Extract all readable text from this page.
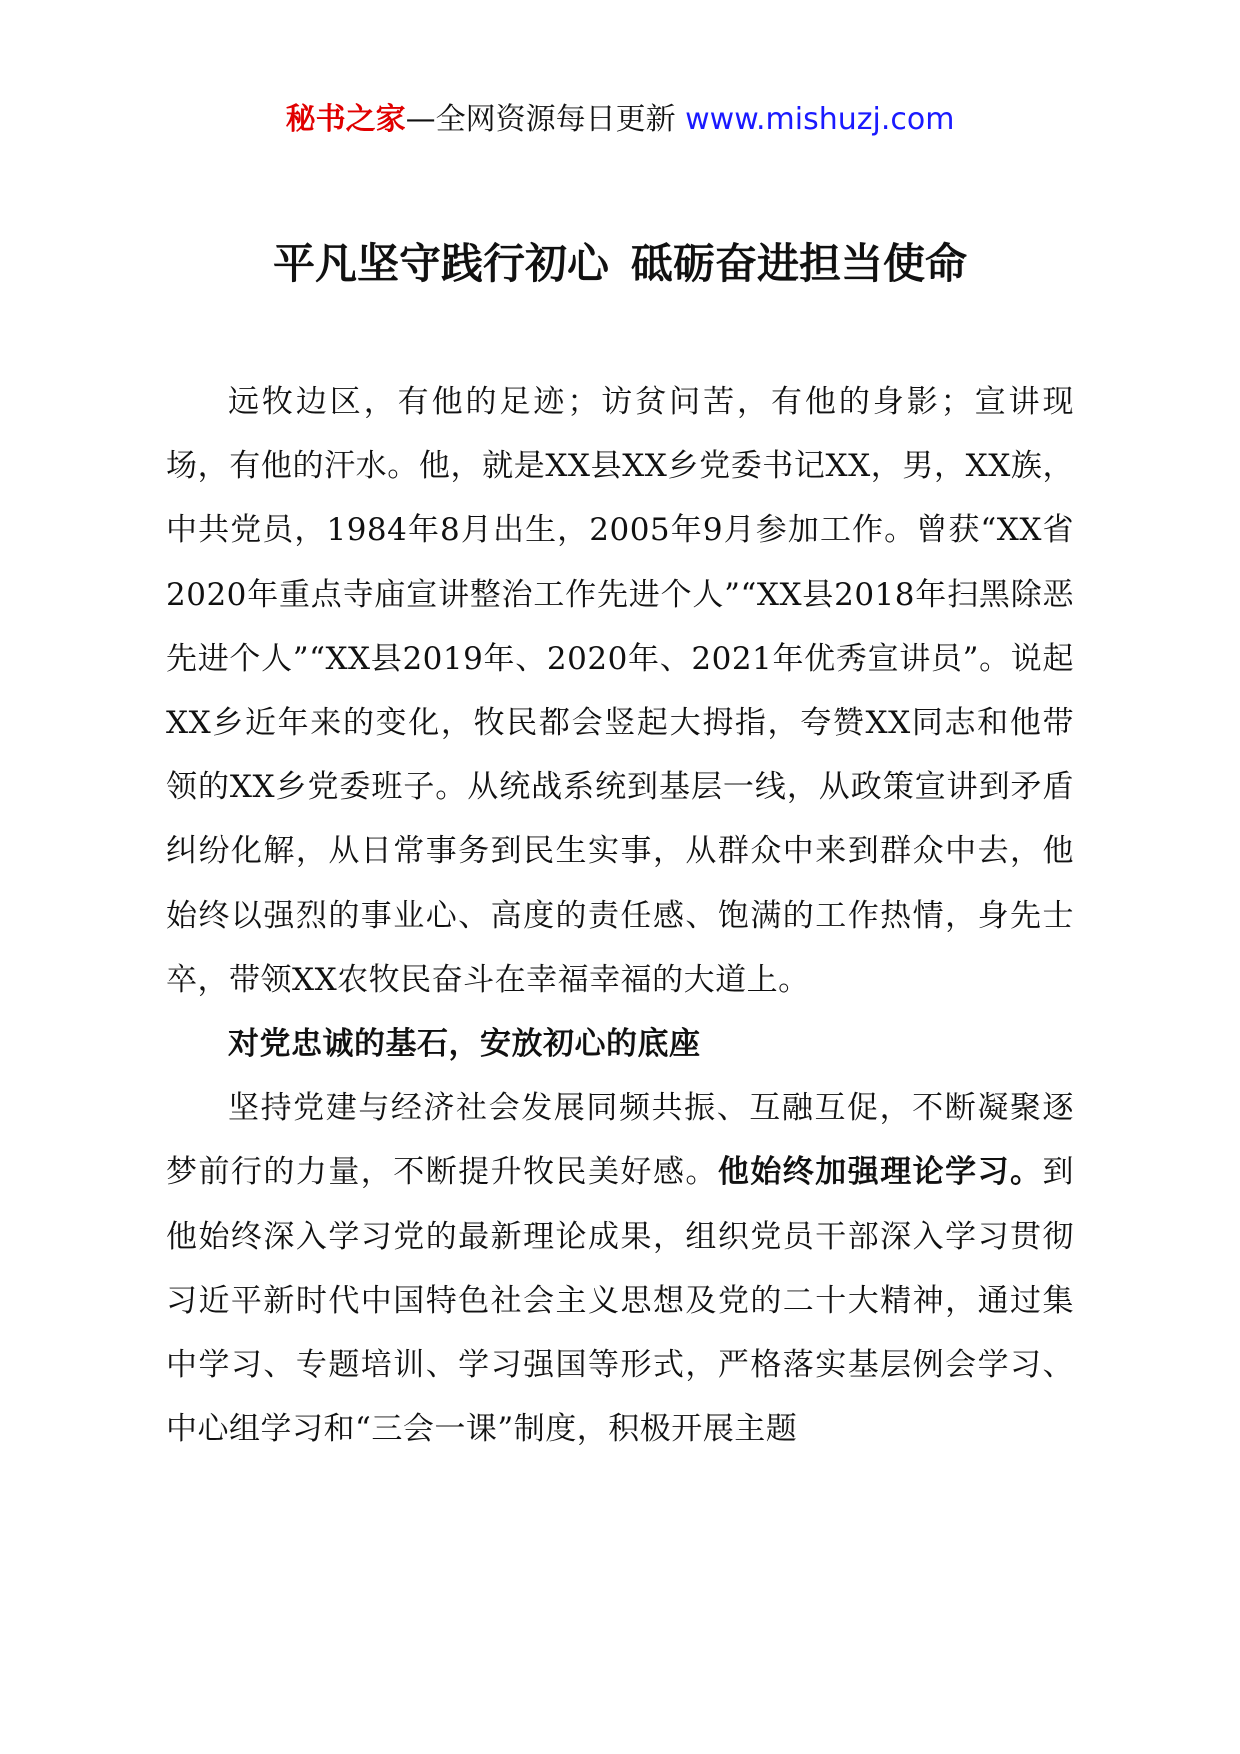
秘书之家—全网资源每日更新 www.mishuzj.com
平凡坚守践行初心 砥砺奋进担当使命

远牧边区，有他的足迹；访贫问苦，有他的身影；宣讲现场，有他的汗水。他，就是XX县XX乡党委书记XX，男，XX族，中共党员，1984年8月出生，2005年9月参加工作。曾获“XX省2020年重点寺庙宣讲整治工作先进个人”“XX县2018年扫黑除恶先进个人”“XX县2019年、2020年、2021年优秀宣讲员”。说起XX乡近年来的变化，牧民都会竖起大拇指，夸赞XX同志和他带领的XX乡党委班子。从统战系统到基层一线，从政策宣讲到矛盾纠纷化解，从日常事务到民生实事，从群众中来到群众中去，他始终以强烈的事业心、高度的责任感、饱满的工作热情，身先士卒，带领XX农牧民奋斗在幸福幸福的大道上。

对党忠诚的基石，安放初心的底座

坚持党建与经济社会发展同频共振、互融互促，不断凝聚逐梦前行的力量，不断提升牧民美好感。他始终加强理论学习。到他始终深入学习党的最新理论成果，组织党员干部深入学习贯彻习近平新时代中国特色社会主义思想及党的二十大精神，通过集中学习、专题培训、学习强国等形式，严格落实基层例会学习、中心组学习和“三会一课”制度，积极开展主题
